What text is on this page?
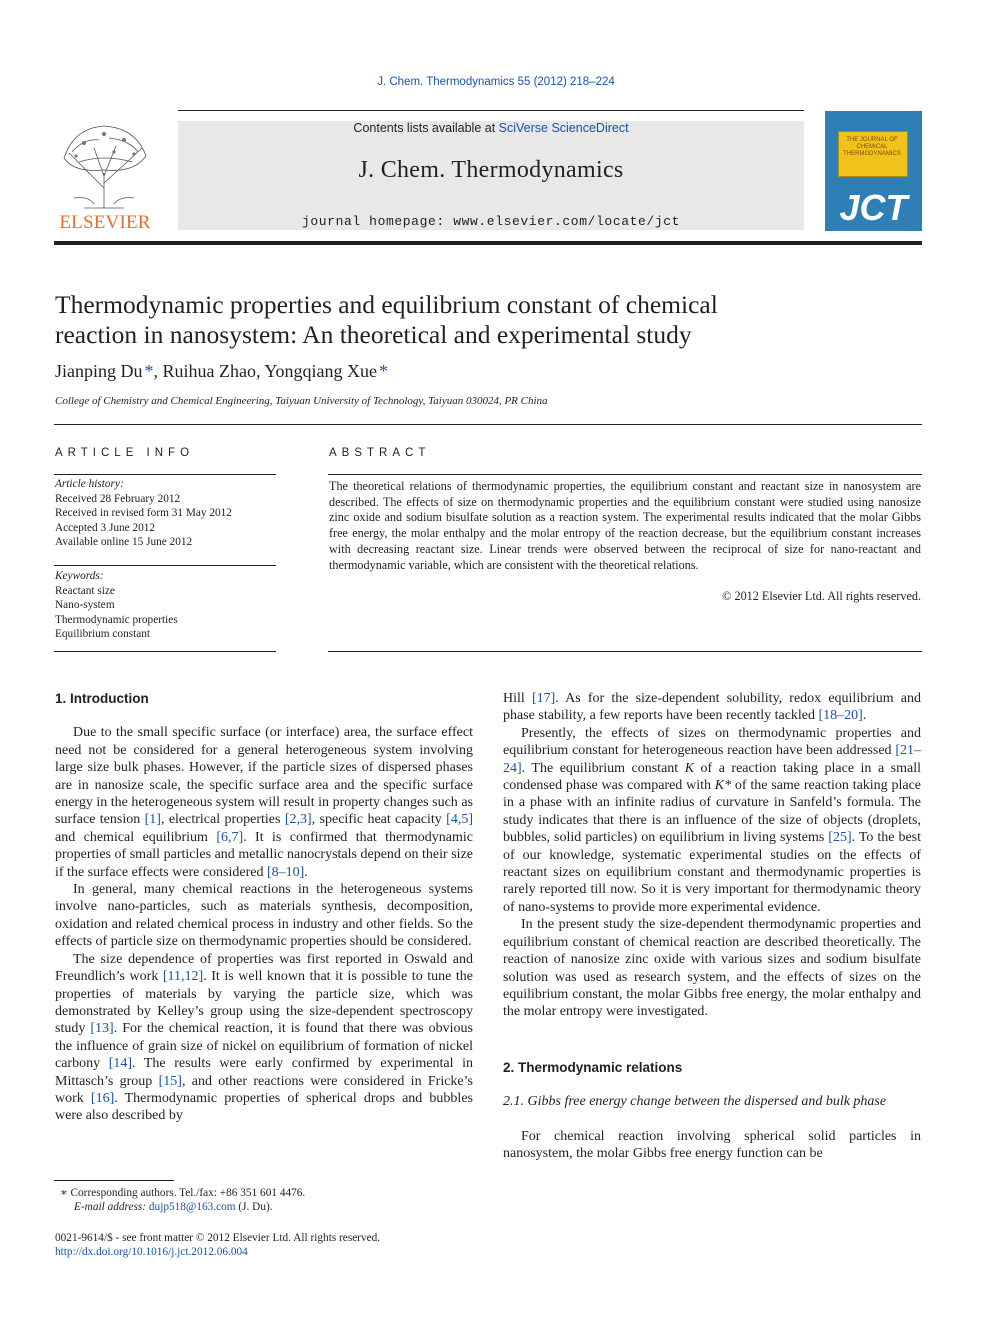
J. Chem. Thermodynamics 55 (2012) 218–224
ELSEVIER
Contents lists available at SciVerse ScienceDirect
J. Chem. Thermodynamics
journal homepage: www.elsevier.com/locate/jct
THE JOURNAL OF CHEMICAL THERMODYNAMICS
JCT
Thermodynamic properties and equilibrium constant of chemical
reaction in nanosystem: An theoretical and experimental study
Jianping Du *, Ruihua Zhao, Yongqiang Xue *
College of Chemistry and Chemical Engineering, Taiyuan University of Technology, Taiyuan 030024, PR China
ARTICLE INFO
Article history:
Received 28 February 2012
Received in revised form 31 May 2012
Accepted 3 June 2012
Available online 15 June 2012
Keywords:
Reactant size
Nano-system
Thermodynamic properties
Equilibrium constant
ABSTRACT
The theoretical relations of thermodynamic properties, the equilibrium constant and reactant size in nanosystem are described. The effects of size on thermodynamic properties and the equilibrium constant were studied using nanosize zinc oxide and sodium bisulfate solution as a reaction system. The experimental results indicated that the molar Gibbs free energy, the molar enthalpy and the molar entropy of the reaction decrease, but the equilibrium constant increases with decreasing reactant size. Linear trends were observed between the reciprocal of size for nano-reactant and thermodynamic variable, which are consistent with the theoretical relations.
© 2012 Elsevier Ltd. All rights reserved.
1. Introduction

Due to the small specific surface (or interface) area, the surface effect need not be considered for a general heterogeneous system involving large size bulk phases. However, if the particle sizes of dispersed phases are in nanosize scale, the specific surface area and the specific surface energy in the heterogeneous system will result in property changes such as surface tension [1], electrical properties [2,3], specific heat capacity [4,5] and chemical equilibrium [6,7]. It is confirmed that thermodynamic properties of small particles and metallic nanocrystals depend on their size if the surface effects were considered [8–10].

In general, many chemical reactions in the heterogeneous systems involve nano-particles, such as materials synthesis, decomposition, oxidation and related chemical process in industry and other fields. So the effects of particle size on thermodynamic properties should be considered.

The size dependence of properties was first reported in Oswald and Freundlich’s work [11,12]. It is well known that it is possible to tune the properties of materials by varying the particle size, which was demonstrated by Kelley’s group using the size-dependent spectroscopy study [13]. For the chemical reaction, it is found that there was obvious the influence of grain size of nickel on equilibrium of formation of nickel carbony [14]. The results were early confirmed by experimental in Mittasch’s group [15], and other reactions were considered in Fricke’s work [16]. Thermodynamic properties of spherical drops and bubbles were also described by

∗ Corresponding authors. Tel./fax: +86 351 601 4476.
E-mail address: dujp518@163.com (J. Du).
0021-9614/$ - see front matter © 2012 Elsevier Ltd. All rights reserved.
http://dx.doi.org/10.1016/j.jct.2012.06.004
Hill [17]. As for the size-dependent solubility, redox equilibrium and phase stability, a few reports have been recently tackled [18–20].

Presently, the effects of sizes on thermodynamic properties and equilibrium constant for heterogeneous reaction have been addressed [21–24]. The equilibrium constant K of a reaction taking place in a small condensed phase was compared with K* of the same reaction taking place in a phase with an infinite radius of curvature in Sanfeld’s formula. The study indicates that there is an influence of the size of objects (droplets, bubbles, solid particles) on equilibrium in living systems [25]. To the best of our knowledge, systematic experimental studies on the effects of reactant sizes on equilibrium constant and thermodynamic properties is rarely reported till now. So it is very important for thermodynamic theory of nano-systems to provide more experimental evidence.

In the present study the size-dependent thermodynamic properties and equilibrium constant of chemical reaction are described theoretically. The reaction of nanosize zinc oxide with various sizes and sodium bisulfate solution was used as research system, and the effects of sizes on the equilibrium constant, the molar Gibbs free energy, the molar enthalpy and the molar entropy were investigated.

2. Thermodynamic relations
2.1. Gibbs free energy change between the dispersed and bulk phase

For chemical reaction involving spherical solid particles in nanosystem, the molar Gibbs free energy function can be
